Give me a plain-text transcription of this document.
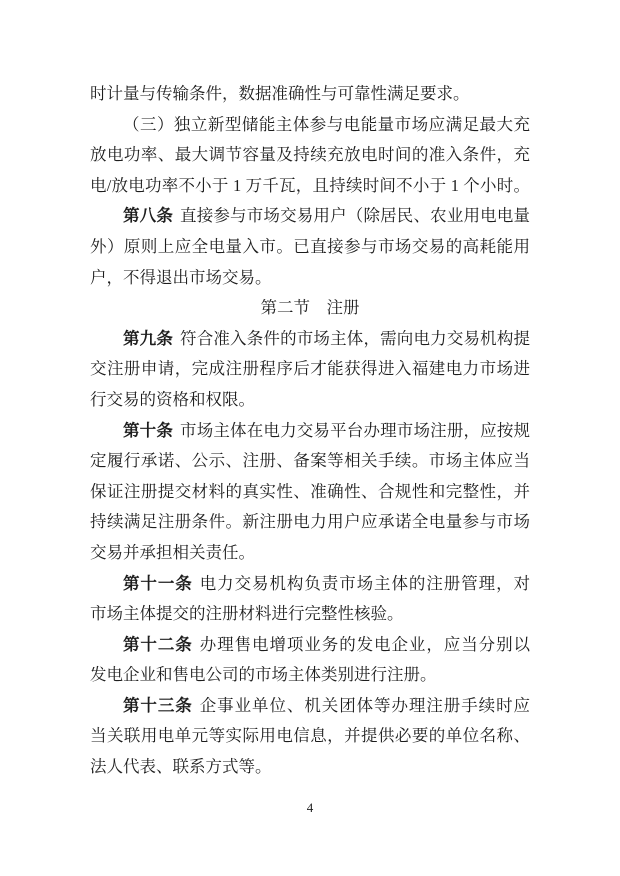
时计量与传输条件，数据准确性与可靠性满足要求。
（三）独立新型储能主体参与电能量市场应满足最大充
放电功率、最大调节容量及持续充放电时间的准入条件，充
电/放电功率不小于 1 万千瓦，且持续时间不小于 1 个小时。
第八条 直接参与市场交易用户（除居民、农业用电电量
外）原则上应全电量入市。已直接参与市场交易的高耗能用
户，不得退出市场交易。
第二节　注册
第九条 符合准入条件的市场主体，需向电力交易机构提
交注册申请，完成注册程序后才能获得进入福建电力市场进
行交易的资格和权限。
第十条 市场主体在电力交易平台办理市场注册，应按规
定履行承诺、公示、注册、备案等相关手续。市场主体应当
保证注册提交材料的真实性、准确性、合规性和完整性，并
持续满足注册条件。新注册电力用户应承诺全电量参与市场
交易并承担相关责任。
第十一条 电力交易机构负责市场主体的注册管理，对
市场主体提交的注册材料进行完整性核验。
第十二条 办理售电增项业务的发电企业，应当分别以
发电企业和售电公司的市场主体类别进行注册。
第十三条 企事业单位、机关团体等办理注册手续时应
当关联用电单元等实际用电信息，并提供必要的单位名称、
法人代表、联系方式等。
4
